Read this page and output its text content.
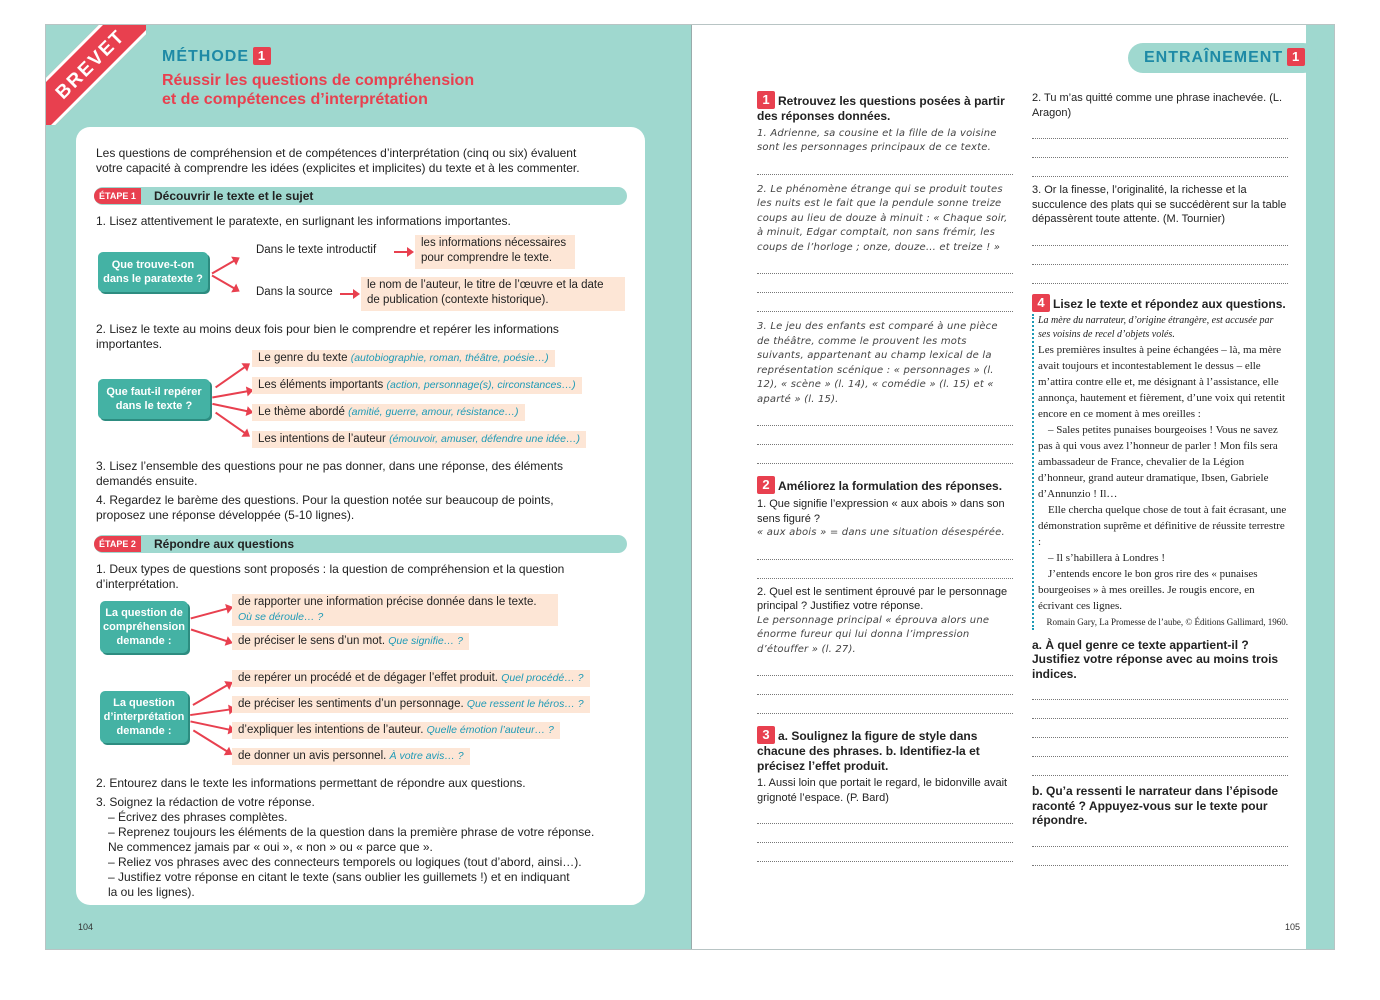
BREVET	MÉTHODE 1
Réussir les questions de compréhension
et de compétences d’interprétation
Les questions de compréhension et de compétences d’interprétation (cinq ou six) évaluent
votre capacité à comprendre les idées (explicites et implicites) du texte et à les commenter.
ÉTAPE 1	Découvrir le texte et le sujet
1. Lisez attentivement le paratexte, en surlignant les informations importantes.
Que trouve-t-on dans le paratexte ?
Dans le texte introductif
les informations nécessaires
pour comprendre le texte.
Dans la source
le nom de l’auteur, le titre de l’œuvre et la date
de publication (contexte historique).
2. Lisez le texte au moins deux fois pour bien le comprendre et repérer les informations
importantes.
Que faut-il repérer dans le texte ?
Le genre du texte (autobiographie, roman, théâtre, poésie…)
Les éléments importants (action, personnage(s), circonstances…)
Le thème abordé (amitié, guerre, amour, résistance…)
Les intentions de l’auteur (émouvoir, amuser, défendre une idée…)
3. Lisez l’ensemble des questions pour ne pas donner, dans une réponse, des éléments
demandés ensuite.
4. Regardez le barème des questions. Pour la question notée sur beaucoup de points,
proposez une réponse développée (5-10 lignes).
ÉTAPE 2	Répondre aux questions
1. Deux types de questions sont proposés : la question de compréhension et la question
d’interprétation.
La question de compréhension demande :
de rapporter une information précise donnée dans le texte.
Où se déroule… ?
de préciser le sens d’un mot. Que signifie… ?
La question d’interprétation demande :
de repérer un procédé et de dégager l’effet produit. Quel procédé… ?
de préciser les sentiments d’un personnage. Que ressent le héros… ?
d’expliquer les intentions de l’auteur. Quelle émotion l’auteur… ?
de donner un avis personnel. À votre avis… ?
2. Entourez dans le texte les informations permettant de répondre aux questions.
3. Soignez la rédaction de votre réponse.
– Écrivez des phrases complètes.
– Reprenez toujours les éléments de la question dans la première phrase de votre réponse.
Ne commencez jamais par « oui », « non » ou « parce que ».
– Reliez vos phrases avec des connecteurs temporels ou logiques (tout d’abord, ainsi…).
– Justifiez votre réponse en citant le texte (sans oublier les guillemets !) et en indiquant
la ou les lignes).
104
ENTRAÎNEMENT 1
1 Retrouvez les questions posées à partir des réponses données.
1. Adrienne, sa cousine et la fille de la voisine sont les personnages principaux de ce texte.
2. Le phénomène étrange qui se produit toutes les nuits est le fait que la pendule sonne treize coups au lieu de douze à minuit : « Chaque soir, à minuit, Edgar comptait, non sans frémir, les coups de l’horloge ; onze, douze… et treize ! »
3. Le jeu des enfants est comparé à une pièce de théâtre, comme le prouvent les mots suivants, appartenant au champ lexical de la représentation scénique : « personnages » (l. 12), « scène » (l. 14), « comédie » (l. 15) et « aparté » (l. 15).
2 Améliorez la formulation des réponses.
1. Que signifie l’expression « aux abois » dans son sens figuré ?
« aux abois » = dans une situation désespérée.
2. Quel est le sentiment éprouvé par le personnage principal ? Justifiez votre réponse.
Le personnage principal « éprouva alors une énorme fureur qui lui donna l’impression d’étouffer » (l. 27).
3 a. Soulignez la figure de style dans chacune des phrases. b. Identifiez-la et précisez l’effet produit.
1. Aussi loin que portait le regard, le bidonville avait grignoté l’espace. (P. Bard)
2. Tu m’as quitté comme une phrase inachevée. (L. Aragon)
3. Or la finesse, l’originalité, la richesse et la succulence des plats qui se succédèrent sur la table dépassèrent toute attente. (M. Tournier)
4 Lisez le texte et répondez aux questions.
La mère du narrateur, d’origine étrangère, est accusée par ses voisins de recel d’objets volés.
Les premières insultes à peine échangées – là, ma mère avait toujours et incontestablement le dessus – elle m’attira contre elle et, me désignant à l’assistance, elle annonça, hautement et fièrement, d’une voix qui retentit encore en ce moment à mes oreilles :
– Sales petites punaises bourgeoises ! Vous ne savez pas à qui vous avez l’honneur de parler ! Mon fils sera ambassadeur de France, chevalier de la Légion d’honneur, grand auteur dramatique, Ibsen, Gabriele d’Annunzio ! Il…
Elle chercha quelque chose de tout à fait écrasant, une démonstration suprême et définitive de réussite terrestre :
– Il s’habillera à Londres !
J’entends encore le bon gros rire des « punaises bourgeoises » à mes oreilles. Je rougis encore, en écrivant ces lignes.
Romain Gary, La Promesse de l’aube, © Éditions Gallimard, 1960.
a. À quel genre ce texte appartient-il ? Justifiez votre réponse avec au moins trois indices.
b. Qu’a ressenti le narrateur dans l’épisode raconté ? Appuyez-vous sur le texte pour répondre.
105
